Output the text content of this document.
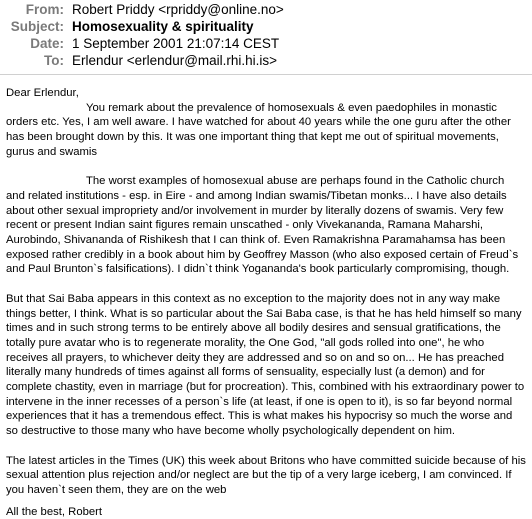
From: Robert Priddy <rpriddy@online.no>
Subject: Homosexuality & spirituality
Date: 1 September 2001 21:07:14 CEST
To: Erlendur <erlendur@mail.rhi.hi.is>

Dear Erlendur,

You remark about the prevalence of homosexuals & even paedophiles in monastic orders etc. Yes, I am well aware. I have watched for about 40 years while the one guru after the other has been brought down by this. It was one important thing that kept me out of spiritual movements, gurus and swamis

The worst examples of homosexual abuse are perhaps found in the Catholic church and related institutions - esp. in Eire - and among Indian swamis/Tibetan monks... I have also details about other sexual impropriety and/or involvement in murder by literally dozens of swamis. Very few recent or present Indian saint figures remain unscathed - only Vivekananda, Ramana Maharshi, Aurobindo, Shivananda of Rishikesh that I can think of. Even Ramakrishna Paramahamsa has been exposed rather credibly in a book about him by Geoffrey Masson (who also exposed certain of Freud`s and Paul Brunton`s falsifications). I didn`t think Yogananda's book particularly compromising, though.

But that Sai Baba appears in this context as no exception to the majority does not in any way make things better, I think. What is so particular about the Sai Baba case, is that he has held himself so many times and in such strong terms to be entirely above all bodily desires and sensual gratifications, the totally pure avatar who is to regenerate morality, the One God, "all gods rolled into one", he who receives all prayers, to whichever deity they are addressed and so on and so on... He has preached literally many hundreds of times against all forms of sensuality, especially lust (a demon) and for complete chastity, even in marriage (but for procreation). This, combined with his extraordinary power to intervene in the inner recesses of a person`s life (at least, if one is open to it), is so far beyond normal experiences that it has a tremendous effect. This is what makes his hypocrisy so much the worse and so destructive to those many who have become wholly psychologically dependent on him.

The latest articles in the Times (UK) this week about Britons who have committed suicide because of his sexual attention plus rejection and/or neglect are but the tip of a very large iceberg, I am convinced. If you haven`t seen them, they are on the web

All the best, Robert
